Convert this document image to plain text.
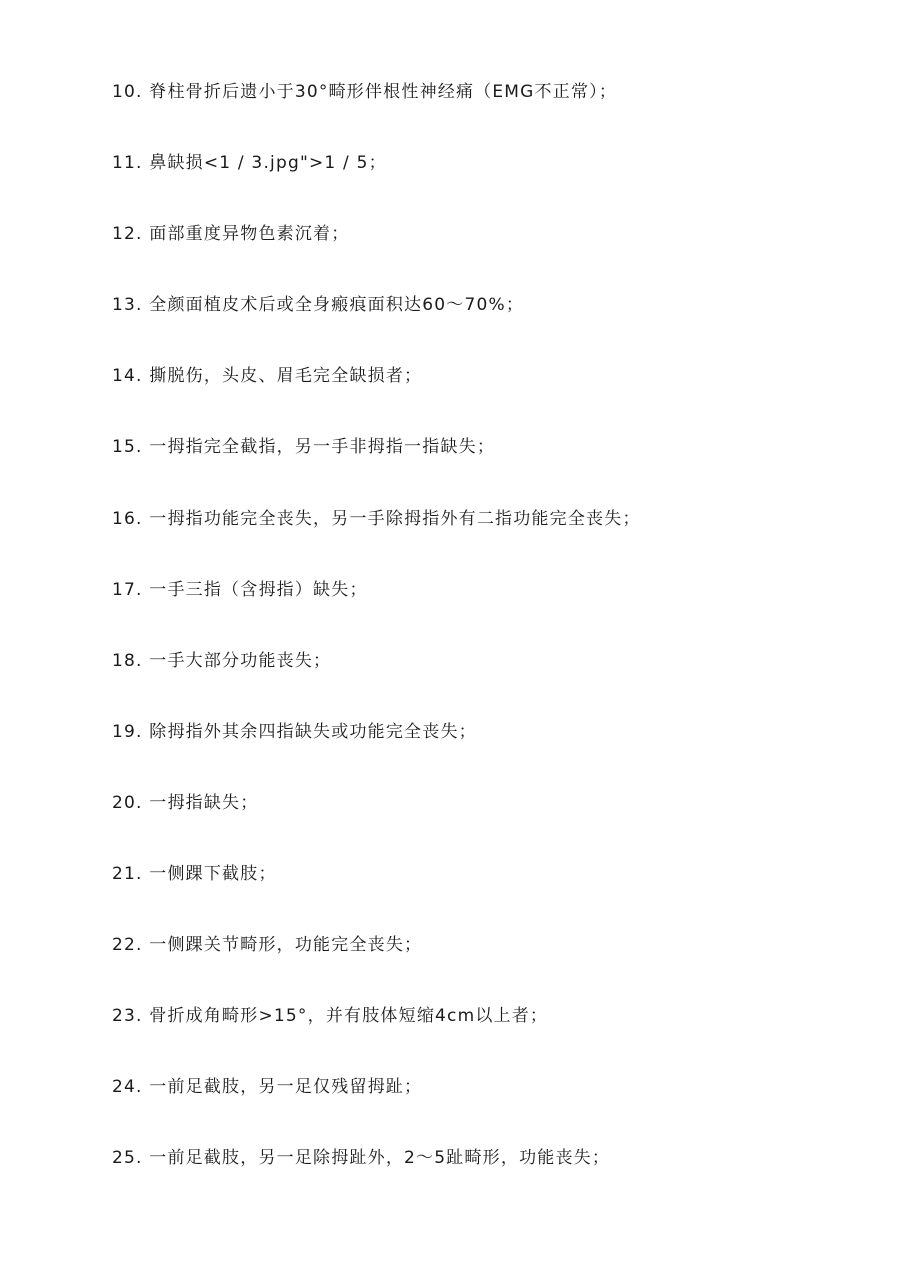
10. 脊柱骨折后遗小于30°畸形伴根性神经痛（EMG不正常）；
11. 鼻缺损<1 / 3.jpg">1 / 5；
12. 面部重度异物色素沉着；
13. 全颜面植皮术后或全身瘢痕面积达60～70%；
14. 撕脱伤，头皮、眉毛完全缺损者；
15. 一拇指完全截指，另一手非拇指一指缺失；
16. 一拇指功能完全丧失，另一手除拇指外有二指功能完全丧失；
17. 一手三指（含拇指）缺失；
18. 一手大部分功能丧失；
19. 除拇指外其余四指缺失或功能完全丧失；
20. 一拇指缺失；
21. 一侧踝下截肢；
22. 一侧踝关节畸形，功能完全丧失；
23. 骨折成角畸形>15°，并有肢体短缩4cm以上者；
24. 一前足截肢，另一足仅残留拇趾；
25. 一前足截肢，另一足除拇趾外，2～5趾畸形，功能丧失；
